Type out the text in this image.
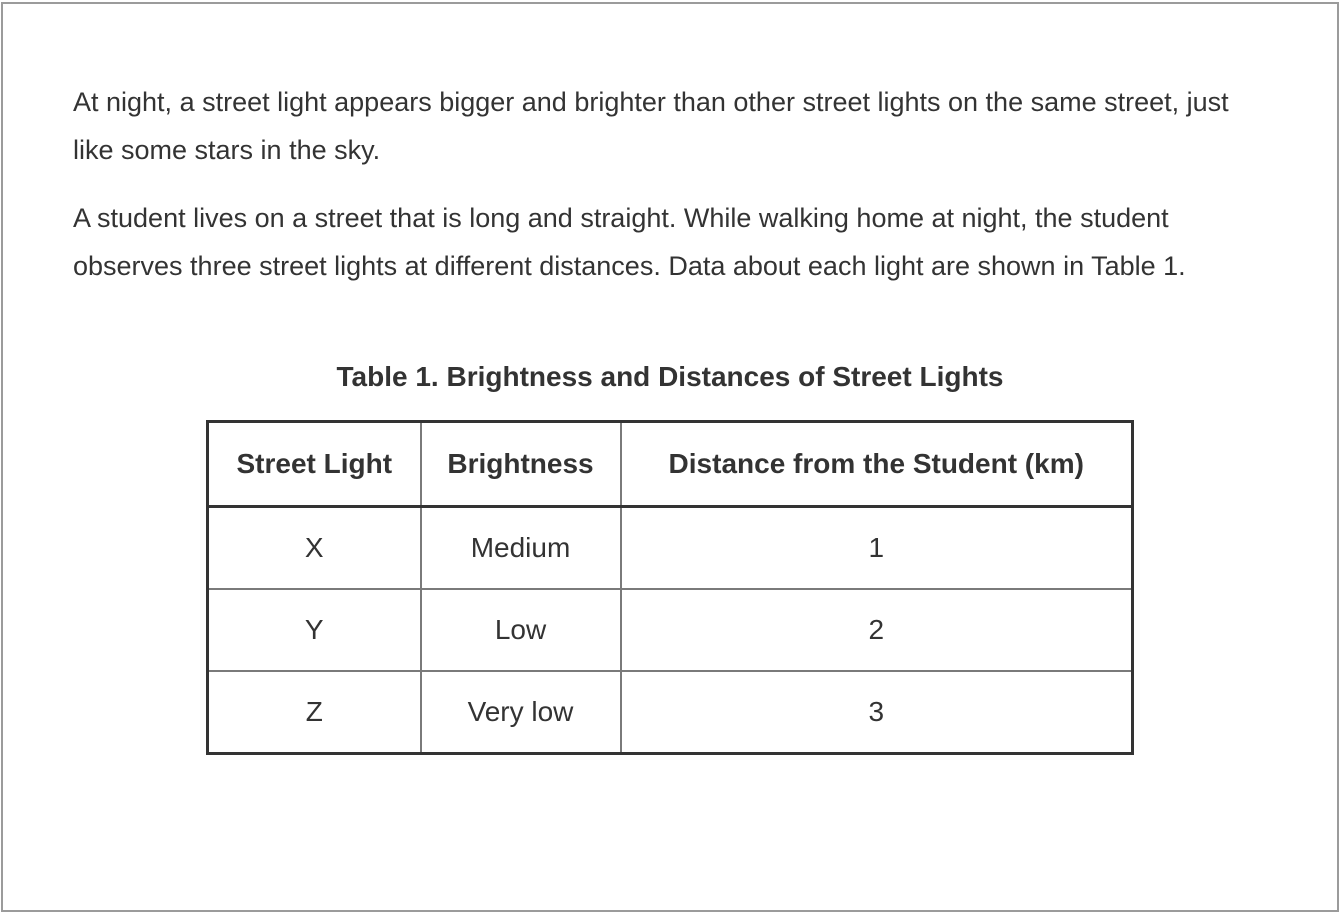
At night, a street light appears bigger and brighter than other street lights on the same street, just like some stars in the sky.

A student lives on a street that is long and straight. While walking home at night, the student observes three street lights at different distances. Data about each light are shown in Table 1.

Table 1. Brightness and Distances of Street Lights
Street Light	Brightness	Distance from the Student (km)
X	Medium	1
Y	Low	2
Z	Very low	3
